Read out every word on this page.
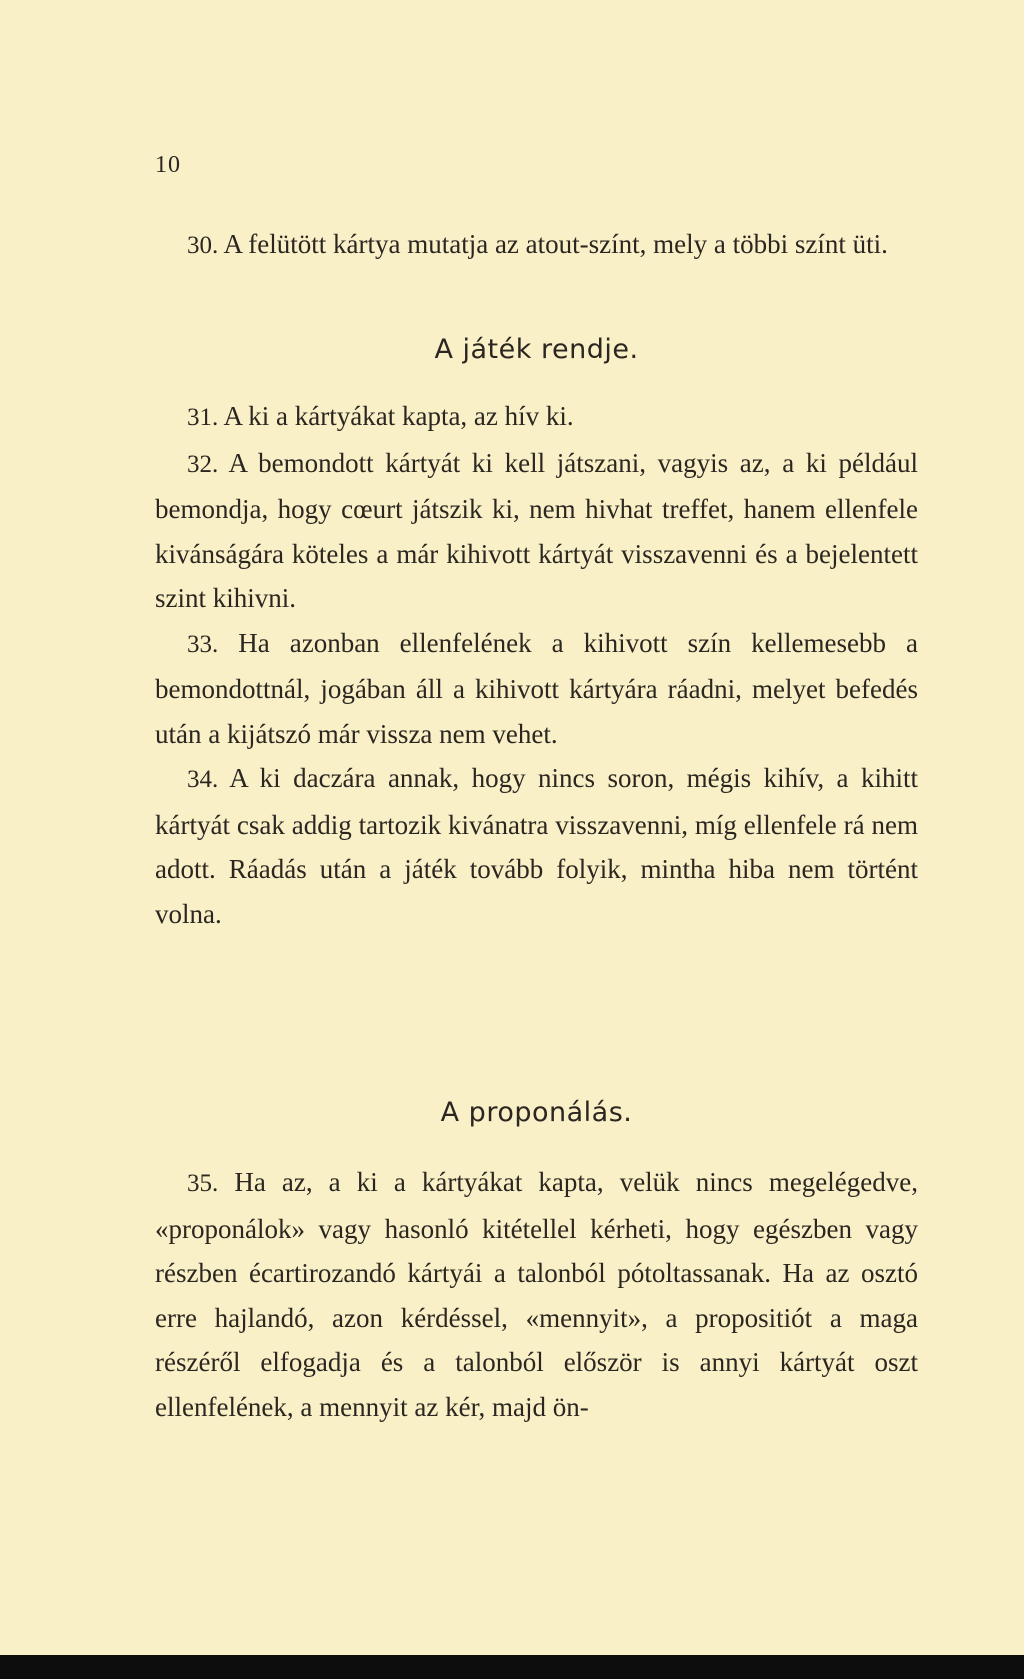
10

30. A felütött kártya mutatja az atout-színt, mely a többi színt üti.

A játék rendje.

31. A ki a kártyákat kapta, az hív ki.

32. A bemondott kártyát ki kell játszani, vagyis az, a ki például bemondja, hogy cœurt játszik ki, nem hivhat treffet, hanem ellenfele kivánságára köteles a már kihivott kártyát visszavenni és a bejelentett szint kihivni.

33. Ha azonban ellenfelének a kihivott szín kellemesebb a bemondottnál, jogában áll a kihivott kártyára ráadni, melyet befedés után a kijátszó már vissza nem vehet.

34. A ki daczára annak, hogy nincs soron, mégis kihív, a kihitt kártyát csak addig tartozik kivánatra visszavenni, míg ellenfele rá nem adott. Ráadás után a játék tovább folyik, mintha hiba nem történt volna.

A proponálás.

35. Ha az, a ki a kártyákat kapta, velük nincs megelégedve, «proponálok» vagy hasonló kitétellel kérheti, hogy egészben vagy részben écartirozandó kártyái a talonból pótoltassanak. Ha az osztó erre hajlandó, azon kérdéssel, «mennyit», a propositiót a maga részéről elfogadja és a talonból először is annyi kártyát oszt ellenfelének, a mennyit az kér, majd ön-
